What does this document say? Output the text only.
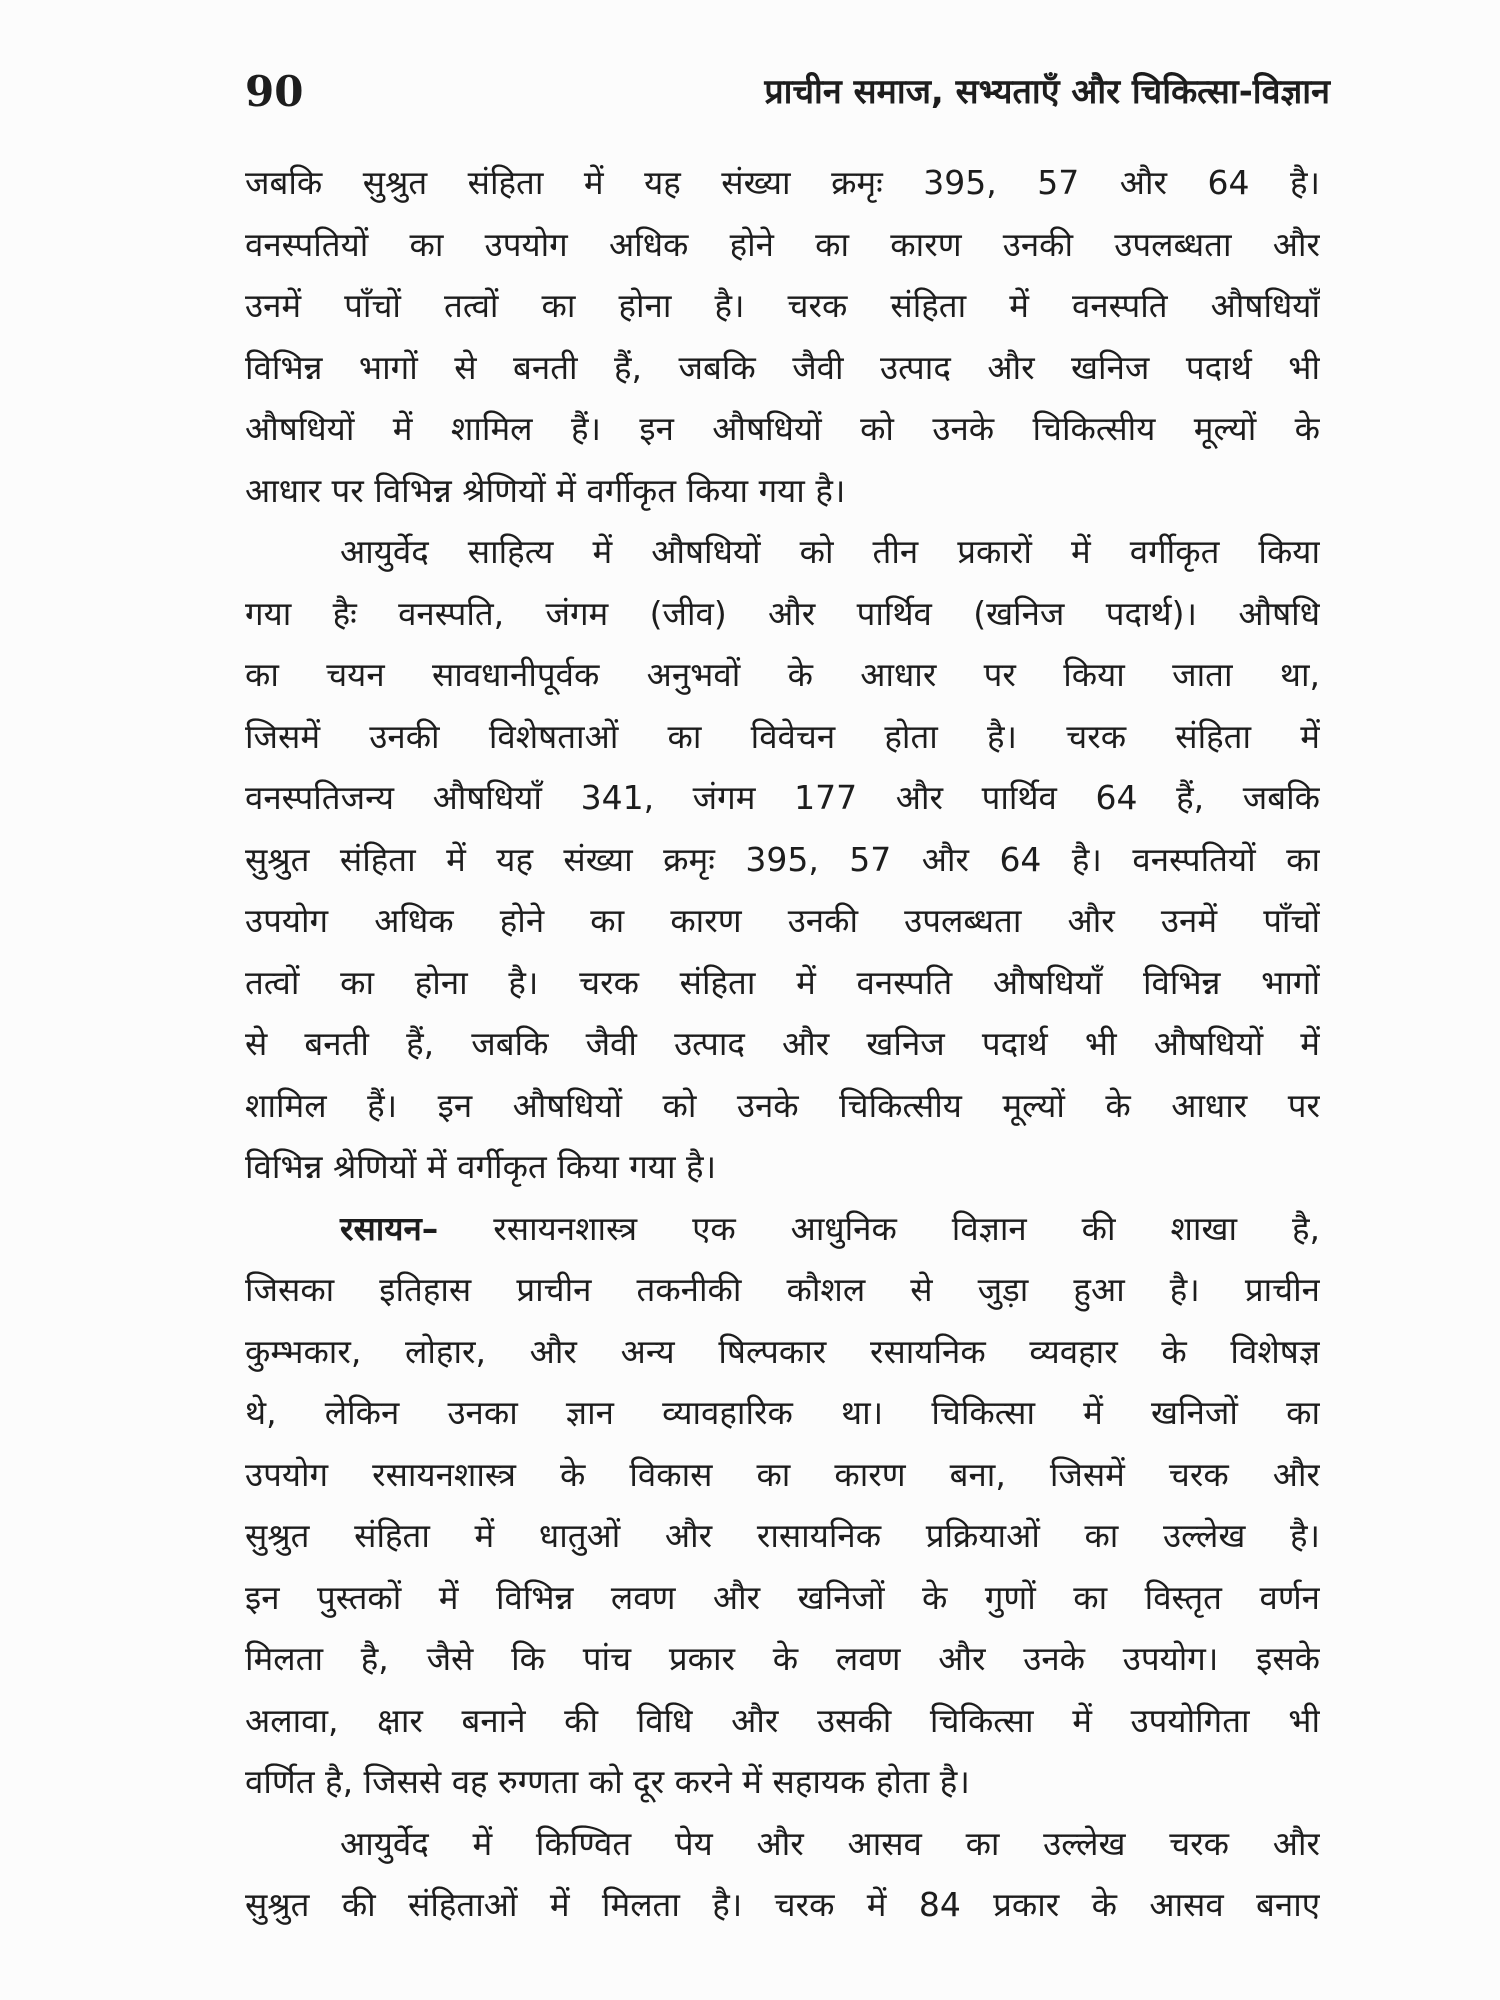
90	प्राचीन समाज, सभ्यताएँ और चिकित्सा-विज्ञान
जबकि सुश्रुत संहिता में यह संख्या क्रमृः 395, 57 और 64 है।
वनस्पतियों का उपयोग अधिक होने का कारण उनकी उपलब्धता और
उनमें पाँचों तत्वों का होना है। चरक संहिता में वनस्पति औषधियाँ
विभिन्न भागों से बनती हैं, जबकि जैवी उत्पाद और खनिज पदार्थ भी
औषधियों में शामिल हैं। इन औषधियों को उनके चिकित्सीय मूल्यों के
आधार पर विभिन्न श्रेणियों में वर्गीकृत किया गया है।
आयुर्वेद साहित्य में औषधियों को तीन प्रकारों में वर्गीकृत किया
गया हैः वनस्पति, जंगम (जीव) और पार्थिव (खनिज पदार्थ)। औषधि
का चयन सावधानीपूर्वक अनुभवों के आधार पर किया जाता था,
जिसमें उनकी विशेषताओं का विवेचन होता है। चरक संहिता में
वनस्पतिजन्य औषधियाँ 341, जंगम 177 और पार्थिव 64 हैं, जबकि
सुश्रुत संहिता में यह संख्या क्रमृः 395, 57 और 64 है। वनस्पतियों का
उपयोग अधिक होने का कारण उनकी उपलब्धता और उनमें पाँचों
तत्वों का होना है। चरक संहिता में वनस्पति औषधियाँ विभिन्न भागों
से बनती हैं, जबकि जैवी उत्पाद और खनिज पदार्थ भी औषधियों में
शामिल हैं। इन औषधियों को उनके चिकित्सीय मूल्यों के आधार पर
विभिन्न श्रेणियों में वर्गीकृत किया गया है।
रसायन– रसायनशास्त्र एक आधुनिक विज्ञान की शाखा है,
जिसका इतिहास प्राचीन तकनीकी कौशल से जुड़ा हुआ है। प्राचीन
कुम्भकार, लोहार, और अन्य षिल्पकार रसायनिक व्यवहार के विशेषज्ञ
थे, लेकिन उनका ज्ञान व्यावहारिक था। चिकित्सा में खनिजों का
उपयोग रसायनशास्त्र के विकास का कारण बना, जिसमें चरक और
सुश्रुत संहिता में धातुओं और रासायनिक प्रक्रियाओं का उल्लेख है।
इन पुस्तकों में विभिन्न लवण और खनिजों के गुणों का विस्तृत वर्णन
मिलता है, जैसे कि पांच प्रकार के लवण और उनके उपयोग। इसके
अलावा, क्षार बनाने की विधि और उसकी चिकित्सा में उपयोगिता भी
वर्णित है, जिससे वह रुग्णता को दूर करने में सहायक होता है।
आयुर्वेद में किण्वित पेय और आसव का उल्लेख चरक और
सुश्रुत की संहिताओं में मिलता है। चरक में 84 प्रकार के आसव बनाए
